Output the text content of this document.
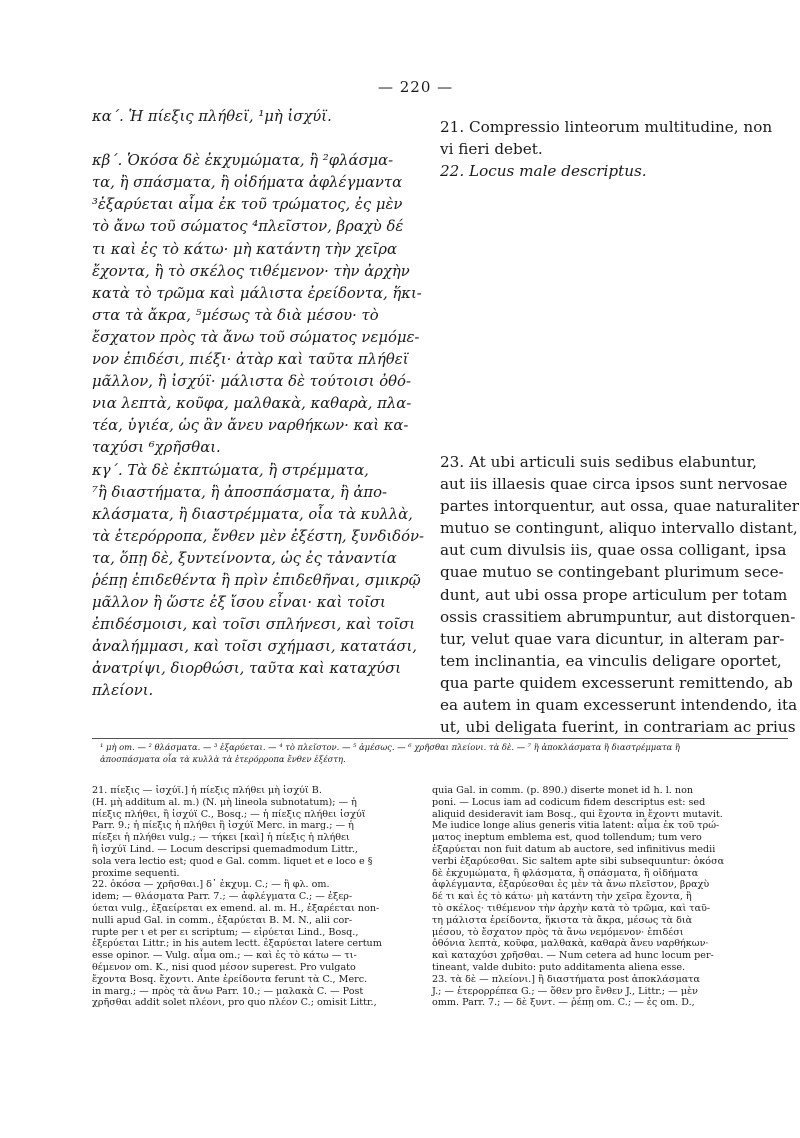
— 220 —
κα΄. Ἡ πίεξις πλήθεϊ, ¹μὴ ἰσχύϊ.

κβ΄. Ὁκόσα δὲ ἐκχυμώματα, ἢ ²φλάσμα-
τα, ἢ σπάσματα, ἢ οἰδήματα ἀφλέγμαντα
³ἐξαρύεται αἷμα ἐκ τοῦ τρώματος, ἐς μὲν
τὸ ἄνω τοῦ σώματος ⁴πλεῖστον, βραχὺ δέ
τι καὶ ἐς τὸ κάτω· μὴ κατάντη τὴν χεῖρα
ἔχοντα, ἢ τὸ σκέλος τιθέμενον· τὴν ἀρχὴν
κατὰ τὸ τρῶμα καὶ μάλιστα ἐρείδοντα, ἥκι-
στα τὰ ἄκρα, ⁵μέσως τὰ διὰ μέσου· τὸ
ἔσχατον πρὸς τὰ ἄνω τοῦ σώματος νεμόμε-
νον ἐπιδέσι, πιέξι· ἀτὰρ καὶ ταῦτα πλήθεϊ
μᾶλλον, ἢ ἰσχύϊ· μάλιστα δὲ τούτοισι ὀθό-
νια λεπτὰ, κοῦφα, μαλθακὰ, καθαρὰ, πλα-
τέα, ὑγιέα, ὡς ἂν ἄνευ ναρθήκων· καὶ κα-
ταχύσι ⁶χρῆσθαι.
κγ΄. Τὰ δὲ ἐκπτώματα, ἢ στρέμματα,
⁷ἢ διαστήματα, ἢ ἀποσπάσματα, ἢ ἀπο-
κλάσματα, ἢ διαστρέμματα, οἷα τὰ κυλλὰ,
τὰ ἑτερόρροπα, ἔνθεν μὲν ἐξέστη, ξυνδιδόν-
τα, ὅπῃ δὲ, ξυντείνοντα, ὡς ἐς τἀναντία
ῥέπῃ ἐπιδεθέντα ἢ πρὶν ἐπιδεθῆναι, σμικρῷ
μᾶλλον ἢ ὥστε ἐξ ἴσου εἶναι· καὶ τοῖσι
ἐπιδέσμοισι, καὶ τοῖσι σπλήνεσι, καὶ τοῖσι
ἀναλήμμασι, καὶ τοῖσι σχήμασι, κατατάσι,
ἀνατρίψι, διορθώσι, ταῦτα καὶ καταχύσι
πλείονι.
21. Compressio linteorum multitudine, non
vi fieri debet.
22. Locus male descriptus.
23. At ubi articuli suis sedibus elabuntur,
aut iis illaesis quae circa ipsos sunt nervosae
partes intorquentur, aut ossa, quae naturaliter
mutuo se contingunt, aliquo intervallo distant,
aut cum divulsis iis, quae ossa colligant, ipsa
quae mutuo se contingebant plurimum sece-
dunt, aut ubi ossa prope articulum per totam
ossis crassitiem abrumpuntur, aut distorquen-
tur, velut quae vara dicuntur, in alteram par-
tem inclinantia, ea vinculis deligare oportet,
qua parte quidem excesserunt remittendo, ab
ea autem in quam excesserunt intendendo, ita
ut, ubi deligata fuerint, in contrariam ac prius
¹ μὴ om. — ² θλάσματα. — ³ ἐξαρύεται. — ⁴ τὸ πλεῖστον. — ⁵ ἀμέσως. — ⁶ χρῆσθαι πλείονι. τὰ δὲ. — ⁷ ἢ ἀποκλάσματα ἢ διαστρέμματα ἢ
ἀποσπάσματα οἷα τὰ κυλλὰ τὰ ἑτερόρροπα ἔνθεν ἐξέστη.
21. πίεξις — ἰσχύϊ.] ἡ πίεξις πλήθει μὴ ἰσχύϊ B.
(H. μὴ additum al. m.) (N. μὴ lineola subnotatum); — ἡ
πίεξις πλήθει, ἢ ἰσχύϊ C., Bosq.; — ἡ πίεξις πλήθει ἰσχύϊ
Parr. 9.; ἡ πίεξις ἡ πλήθει ἢ ἰσχύϊ Merc. in marg.; — ἡ
πίεξει ἡ πλήθει vulg.; — τήκει [καὶ] ἡ πίεξις ἡ πλήθει
ἢ ἰσχύϊ Lind. — Locum descripsi quemadmodum Littr.,
sola vera lectio est; quod e Gal. comm. liquet et e loco e §
proxime sequenti.
22. ὁκόσα — χρῆσθαι.] δ᾽ ἐκχυμ. C.; — ἢ φλ. om.
idem; — θλάσματα Parr. 7.; — ἀφλέγματα C.; — ἐξερ-
ύεται vulg., ἐξαείρεται ex emend. al. m. H., ἐξαρέεται non-
nulli apud Gal. in comm., ἐξαρύεται B. M. N., alii cor-
rupte per ι et per ει scriptum; — εἰρύεται Lind., Bosq.,
ἐξερύεται Littr.; in his autem lectt. ἐξαρύεται latere certum
esse opinor. — Vulg. αἷμα om.; — καὶ ἐς τὸ κάτω — τι-
θέμενον om. K., nisi quod μέσον superest. Pro vulgato
ἔχοντα Bosq. ἔχοντι. Ante ἐρείδοντα ferunt τὰ C., Merc.
in marg.; — πρὸς τὰ ἄνω Parr. 10.; — μαλακὰ C. — Post
χρῆσθαι addit solet πλέονι, pro quo πλέον C.; omisit Littr.,
quia Gal. in comm. (p. 890.) diserte monet id h. l. non
poni. — Locus iam ad codicum fidem descriptus est: sed
aliquid desideravit iam Bosq., qui ἔχοντα in ἔχοντι mutavit.
Me iudice longe alius generis vitia latent: αἷμα ἐκ τοῦ τρώ-
ματος ineptum emblema est, quod tollendum; tum vero
ἐξαρύεται non fuit datum ab auctore, sed infinitivus medii
verbi ἐξαρύεσθαι. Sic saltem apte sibi subsequuntur: ὁκόσα
δὲ ἐκχυμώματα, ἢ φλάσματα, ἢ σπάσματα, ἢ οἰδήματα
ἀφλέγμαντα, ἐξαρύεσθαι ἐς μὲν τὰ ἄνω πλεῖστον, βραχὺ
δέ τι καὶ ἐς τὸ κάτω· μὴ κατάντη τὴν χεῖρα ἔχοντα, ἢ
τὸ σκέλος· τιθέμενον τὴν ἀρχὴν κατὰ τὸ τρῶμα, καὶ ταῦ-
τη μάλιστα ἐρείδοντα, ἥκιστα τὰ ἄκρα, μέσως τὰ διὰ
μέσου, τὸ ἔσχατον πρὸς τὰ ἄνω νεμόμενον· ἐπιδέσι
ὀθόνια λεπτὰ, κοῦφα, μαλθακὰ, καθαρὰ ἄνευ ναρθήκων·
καὶ καταχύσι χρῆσθαι. — Num cetera ad hunc locum per-
tineant, valde dubito: puto additamenta aliena esse.
23. τὰ δὲ — πλείονι.] ἢ διαστήματα post ἀποκλάσματα
J.; — ἑτερορρέπεα G.; — ὅθεν pro ἔνθεν J., Littr.; — μὲν
omm. Parr. 7.; — δὲ ξυντ. — ῥέπῃ om. C.; — ἐς om. D.,
